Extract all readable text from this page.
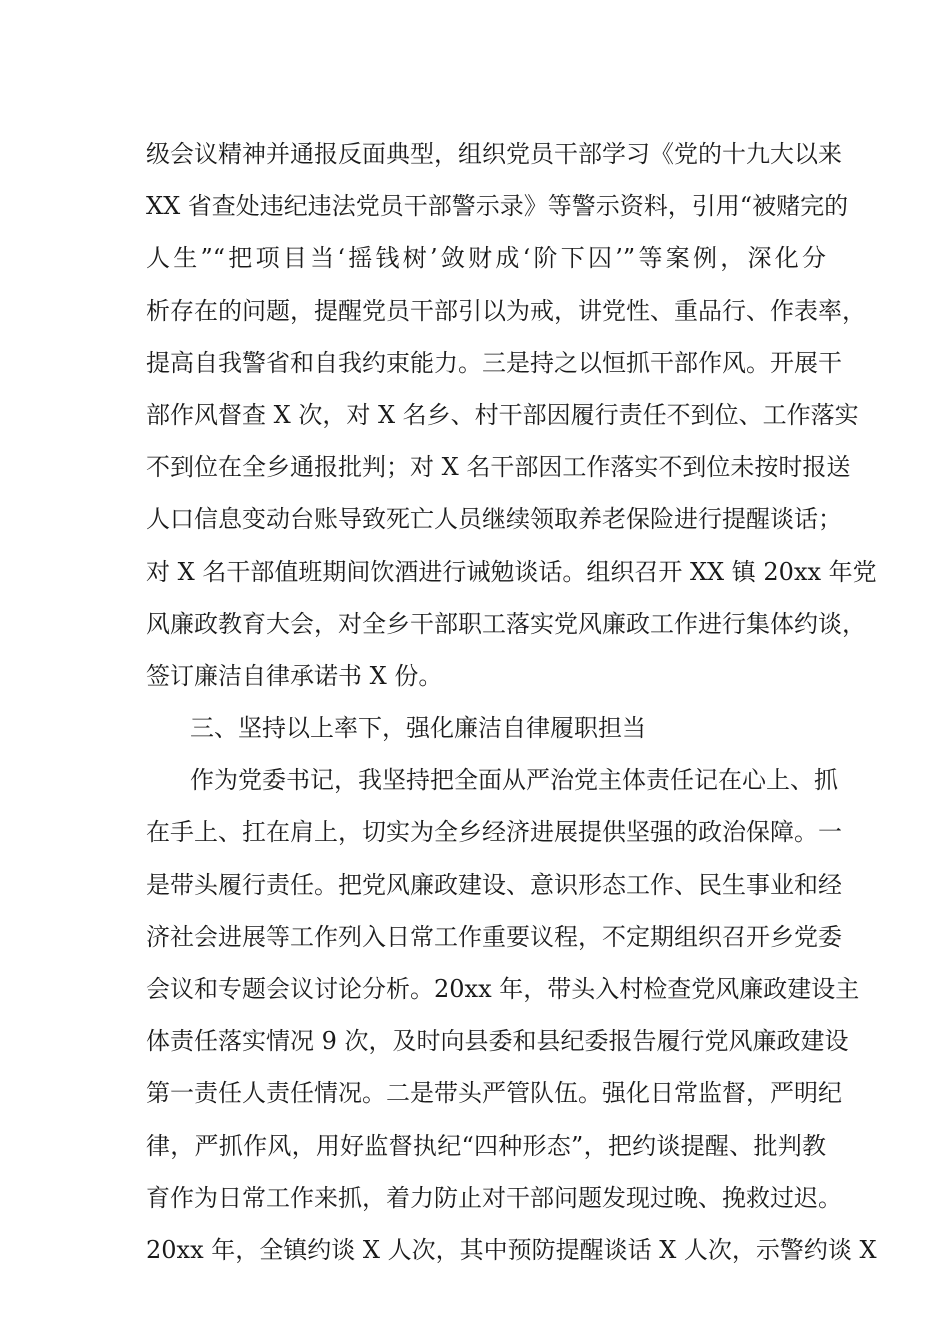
级会议精神并通报反面典型，组织党员干部学习《党的十九大以来
XX 省查处违纪违法党员干部警示录》等警示资料，引用“被赌完的
人生”“把项目当‘摇钱树’敛财成‘阶下囚’”等案例，深化分
析存在的问题，提醒党员干部引以为戒，讲党性、重品行、作表率，
提高自我警省和自我约束能力。三是持之以恒抓干部作风。开展干
部作风督查 X 次，对 X 名乡、村干部因履行责任不到位、工作落实
不到位在全乡通报批判；对 X 名干部因工作落实不到位未按时报送
人口信息变动台账导致死亡人员继续领取养老保险进行提醒谈话；
对 X 名干部值班期间饮酒进行诫勉谈话。组织召开 XX 镇 20xx 年党
风廉政教育大会，对全乡干部职工落实党风廉政工作进行集体约谈，
签订廉洁自律承诺书 X 份。
三、坚持以上率下，强化廉洁自律履职担当
作为党委书记，我坚持把全面从严治党主体责任记在心上、抓
在手上、扛在肩上，切实为全乡经济进展提供坚强的政治保障。一
是带头履行责任。把党风廉政建设、意识形态工作、民生事业和经
济社会进展等工作列入日常工作重要议程，不定期组织召开乡党委
会议和专题会议讨论分析。20xx 年，带头入村检查党风廉政建设主
体责任落实情况 9 次，及时向县委和县纪委报告履行党风廉政建设
第一责任人责任情况。二是带头严管队伍。强化日常监督，严明纪
律，严抓作风，用好监督执纪“四种形态”，把约谈提醒、批判教
育作为日常工作来抓，着力防止对干部问题发现过晚、挽救过迟。
20xx 年，全镇约谈 X 人次，其中预防提醒谈话 X 人次，示警约谈 X
